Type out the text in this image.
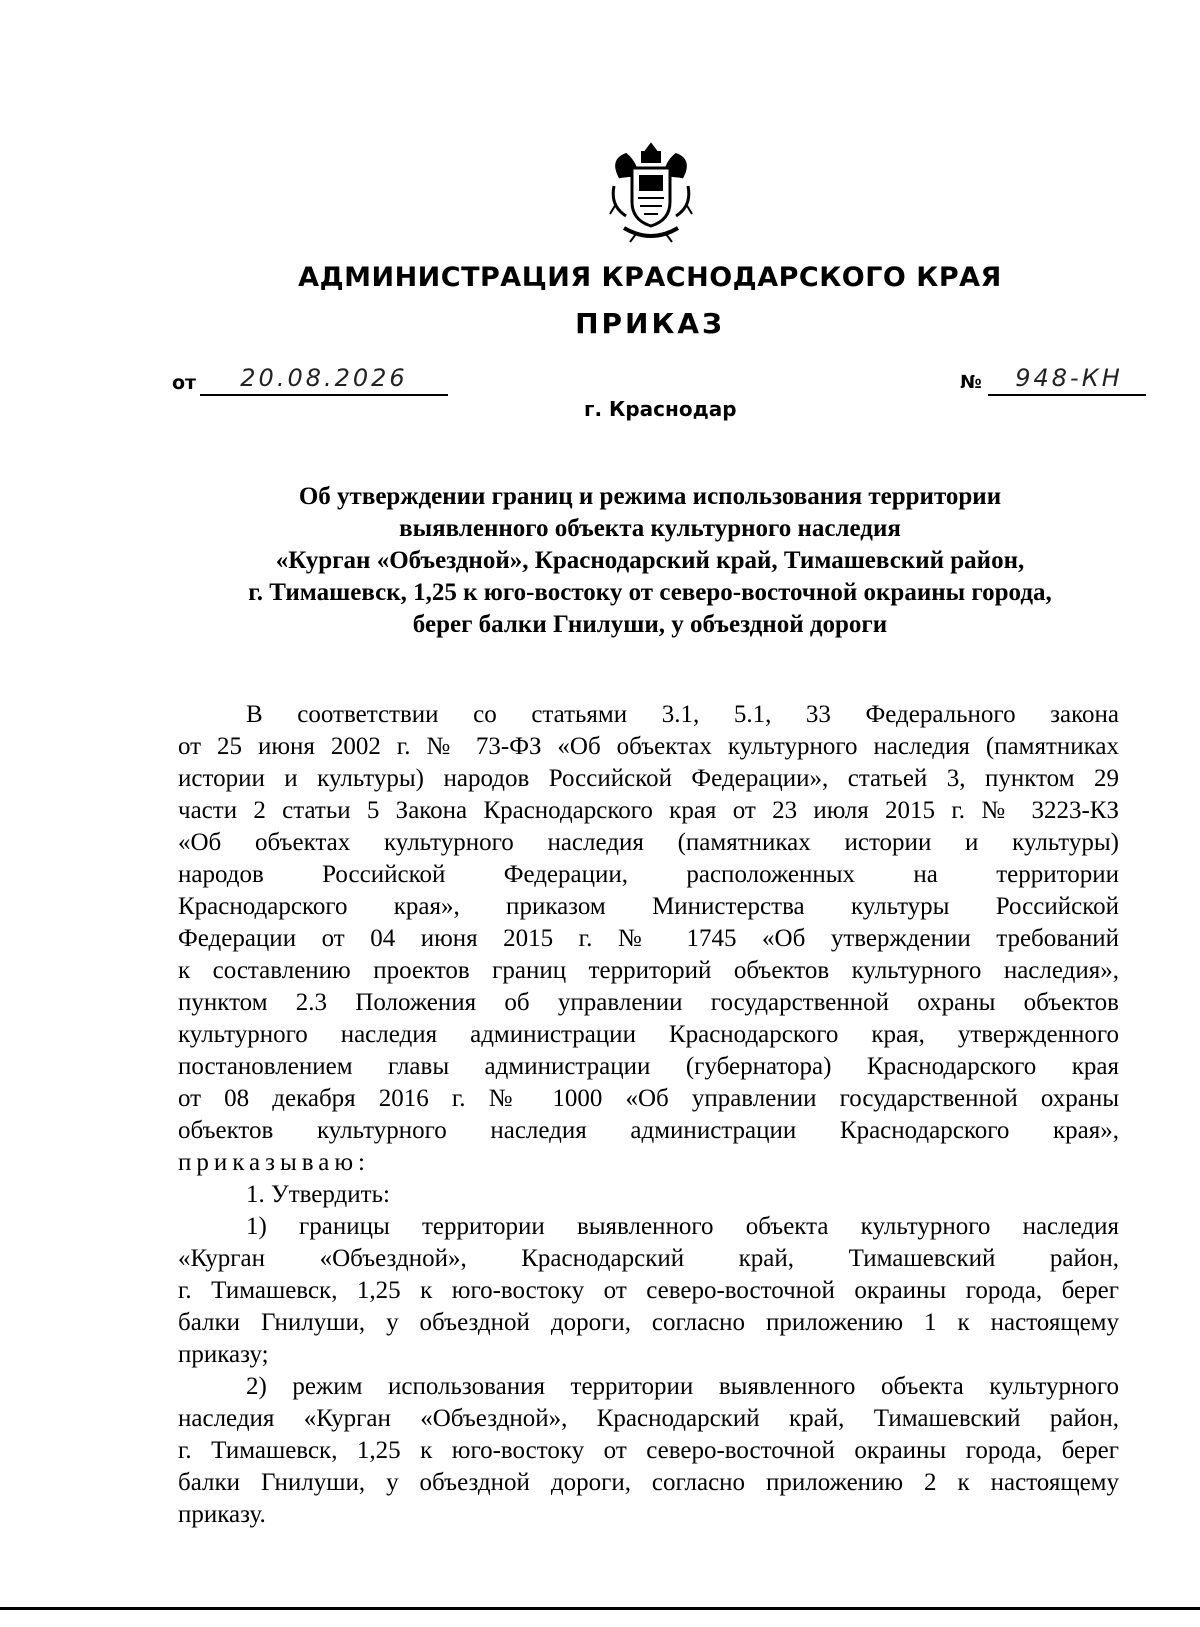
АДМИНИСТРАЦИЯ КРАСНОДАРСКОГО КРАЯ
ПРИКАЗ
от	20.08.2026	№	948-КН
г. Краснодар
Об утверждении границ и режима использования территории
выявленного объекта культурного наследия
«Курган «Объездной», Краснодарский край, Тимашевский район,
г. Тимашевск, 1,25 к юго-востоку от северо-восточной окраины города,
берег балки Гнилуши, у объездной дороги
В соответствии со статьями 3.1, 5.1, 33 Федерального закона
от 25 июня 2002 г. № 73-ФЗ «Об объектах культурного наследия (памятниках
истории и культуры) народов Российской Федерации», статьей 3, пунктом 29
части 2 статьи 5 Закона Краснодарского края от 23 июля 2015 г. № 3223-КЗ
«Об объектах культурного наследия (памятниках истории и культуры)
народов Российской Федерации, расположенных на территории
Краснодарского края», приказом Министерства культуры Российской
Федерации от 04 июня 2015 г. № 1745 «Об утверждении требований
к составлению проектов границ территорий объектов культурного наследия»,
пунктом 2.3 Положения об управлении государственной охраны объектов
культурного наследия администрации Краснодарского края, утвержденного
постановлением главы администрации (губернатора) Краснодарского края
от 08 декабря 2016 г. № 1000 «Об управлении государственной охраны
объектов культурного наследия администрации Краснодарского края»,
приказываю:
1. Утвердить:
1) границы территории выявленного объекта культурного наследия
«Курган «Объездной», Краснодарский край, Тимашевский район,
г. Тимашевск, 1,25 к юго-востоку от северо-восточной окраины города, берег
балки Гнилуши, у объездной дороги, согласно приложению 1 к настоящему
приказу;
2) режим использования территории выявленного объекта культурного
наследия «Курган «Объездной», Краснодарский край, Тимашевский район,
г. Тимашевск, 1,25 к юго-востоку от северо-восточной окраины города, берег
балки Гнилуши, у объездной дороги, согласно приложению 2 к настоящему
приказу.
